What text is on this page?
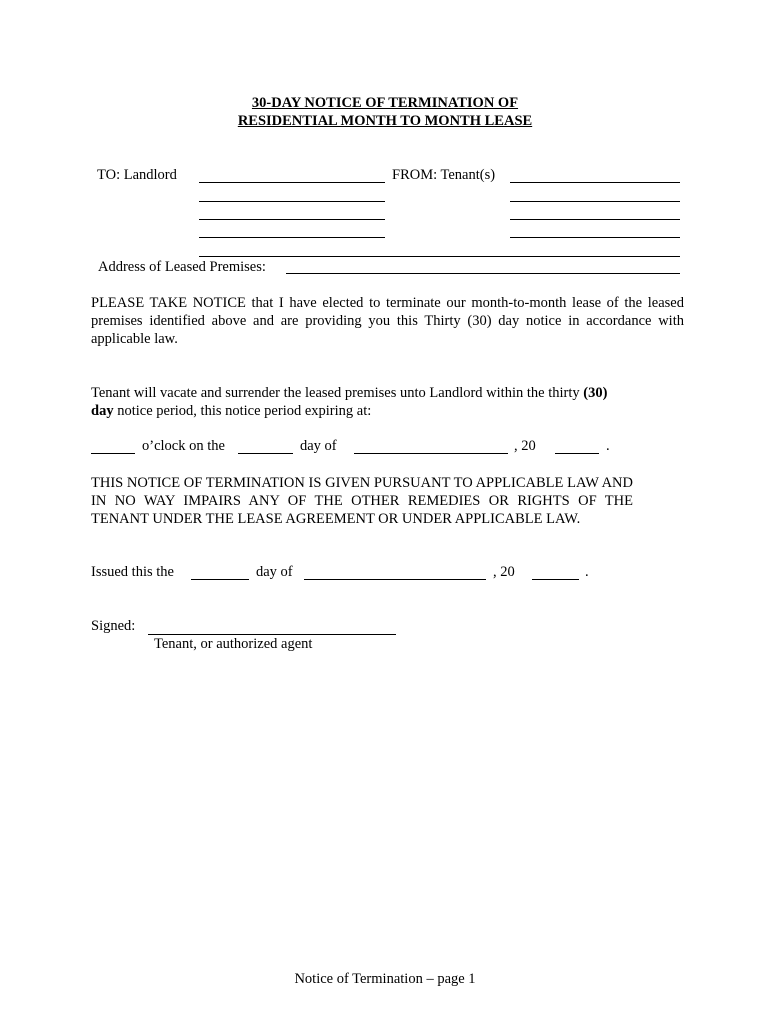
30-DAY NOTICE OF TERMINATION OF
RESIDENTIAL MONTH TO MONTH LEASE
TO: Landlord	FROM: Tenant(s)
Address of Leased Premises:
PLEASE TAKE NOTICE that I have elected to terminate our month-to-month lease of the leased premises identified above and are providing you this Thirty (30) day notice in accordance with applicable law.
Tenant will vacate and surrender the leased premises unto Landlord within the thirty (30)
day notice period, this notice period expiring at:
o’clock on the	day of	, 20	.
THIS NOTICE OF TERMINATION IS GIVEN PURSUANT TO APPLICABLE LAW AND IN NO WAY IMPAIRS ANY OF THE OTHER REMEDIES OR RIGHTS OF THE TENANT UNDER THE LEASE AGREEMENT OR UNDER APPLICABLE LAW.
Issued this the	day of	, 20	.
Signed:
Tenant, or authorized agent
Notice of Termination – page 1
